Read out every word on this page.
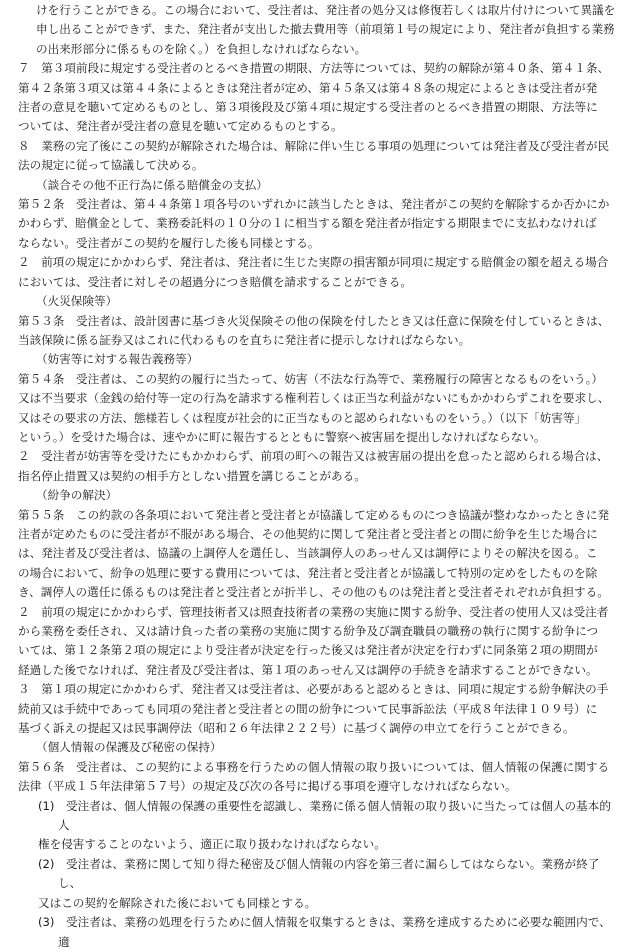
けを行うことができる。この場合において、受注者は、発注者の処分又は修復若しくは取片付けについて異議を
申し出ることができず、また、発注者が支出した撤去費用等（前項第１号の規定により、発注者が負担する業務
の出来形部分に係るものを除く。）を負担しなければならない。
７　第３項前段に規定する受注者のとるべき措置の期限、方法等については、契約の解除が第４０条、第４１条、
第４２条第３項又は第４４条によるときは発注者が定め、第４５条又は第４８条の規定によるときは受注者が発
注者の意見を聴いて定めるものとし、第３項後段及び第４項に規定する受注者のとるべき措置の期限、方法等に
ついては、発注者が受注者の意見を聴いて定めるものとする。
８　業務の完了後にこの契約が解除された場合は、解除に伴い生じる事項の処理については発注者及び受注者が民
法の規定に従って協議して決める。
（談合その他不正行為に係る賠償金の支払）
第５２条　受注者は、第４４条第１項各号のいずれかに該当したときは、発注者がこの契約を解除するか否かにか
かわらず、賠償金として、業務委託料の１０分の１に相当する額を発注者が指定する期限までに支払わなければ
ならない。受注者がこの契約を履行した後も同様とする。
２　前項の規定にかかわらず、発注者は、発注者に生じた実際の損害額が同項に規定する賠償金の額を超える場合
においては、受注者に対しその超過分につき賠償を請求することができる。
（火災保険等）
第５３条　受注者は、設計図書に基づき火災保険その他の保険を付したとき又は任意に保険を付しているときは、
当該保険に係る証券又はこれに代わるものを直ちに発注者に提示しなければならない。
（妨害等に対する報告義務等）
第５４条　受注者は、この契約の履行に当たって、妨害（不法な行為等で、業務履行の障害となるものをいう。）
又は不当要求（金銭の給付等一定の行為を請求する権利若しくは正当な利益がないにもかかわらずこれを要求し、
又はその要求の方法、態様若しくは程度が社会的に正当なものと認められないものをいう。）（以下「妨害等」
という。）を受けた場合は、速やかに町に報告するとともに警察へ被害届を提出しなければならない。
２　受注者が妨害等を受けたにもかかわらず、前項の町への報告又は被害届の提出を怠ったと認められる場合は、
指名停止措置又は契約の相手方としない措置を講じることがある。
（紛争の解決）
第５５条　この約款の各条項において発注者と受注者とが協議して定めるものにつき協議が整わなかったときに発
注者が定めたものに受注者が不服がある場合、その他契約に関して発注者と受注者との間に紛争を生じた場合に
は、発注者及び受注者は、協議の上調停人を選任し、当該調停人のあっせん又は調停によりその解決を図る。こ
の場合において、紛争の処理に要する費用については、発注者と受注者とが協議して特別の定めをしたものを除
き、調停人の選任に係るものは発注者と受注者とが折半し、その他のものは発注者と受注者それぞれが負担する。
２　前項の規定にかかわらず、管理技術者又は照査技術者の業務の実施に関する紛争、受注者の使用人又は受注者
から業務を委任され、又は請け負った者の業務の実施に関する紛争及び調査職員の職務の執行に関する紛争につ
いては、第１２条第２項の規定により受注者が決定を行った後又は発注者が決定を行わずに同条第２項の期間が
経過した後でなければ、発注者及び受注者は、第１項のあっせん又は調停の手続きを請求することができない。
３　第１項の規定にかかわらず、発注者又は受注者は、必要があると認めるときは、同項に規定する紛争解決の手
続前又は手続中であっても同項の発注者と受注者との間の紛争について民事訴訟法（平成８年法律１０９号）に
基づく訴えの提起又は民事調停法（昭和２６年法律２２２号）に基づく調停の申立てを行うことができる。
（個人情報の保護及び秘密の保持）
第５６条　受注者は、この契約による事務を行うための個人情報の取り扱いについては、個人情報の保護に関する
法律（平成１５年法律第５７号）の規定及び次の各号に掲げる事項を遵守しなければならない。
(1)　受注者は、個人情報の保護の重要性を認識し、業務に係る個人情報の取り扱いに当たっては個人の基本的人
権を侵害することのないよう、適正に取り扱わなければならない。
(2)　受注者は、業務に関して知り得た秘密及び個人情報の内容を第三者に漏らしてはならない。業務が終了し、
又はこの契約を解除された後においても同様とする。
(3)　受注者は、業務の処理を行うために個人情報を収集するときは、業務を達成するために必要な範囲内で、適
